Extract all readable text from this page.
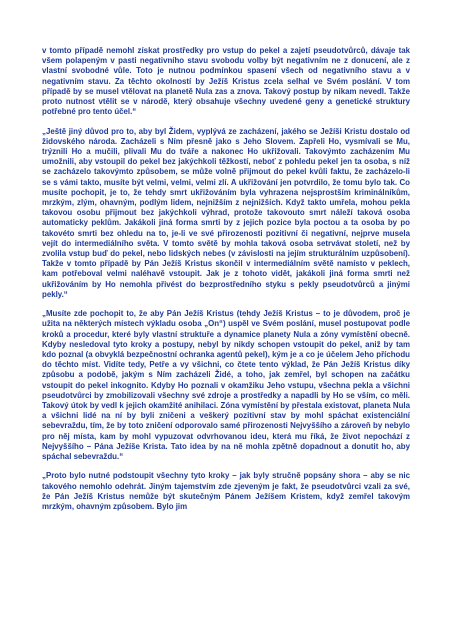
v tomto případě nemohl získat prostředky pro vstup do pekel a zajetí pseudotvůrců, dávaje tak všem polapeným v pasti negativního stavu svobodu volby být negativním ne z donucení, ale z vlastní svobodné vůle. Toto je nutnou podmínkou spasení všech od negativního stavu a v negativním stavu. Za těchto okolností by Ježíš Kristus zcela selhal ve Svém poslání. V tom případě by se musel vtělovat na planetě Nula zas a znova. Takový postup by nikam nevedl. Takže proto nutnost vtělit se v národě, který obsahuje všechny uvedené geny a genetické struktury potřebné pro tento účel.“

„Ještě jiný důvod pro to, aby byl Židem, vyplývá ze zacházení, jakého se Ježíši Kristu dostalo od židovského národa. Zacházeli s Ním přesně jako s Jeho Slovem. Zapřeli Ho, vysmívali se Mu, trýznili Ho a mučili, plivali Mu do tváře a nakonec Ho ukřižovali. Takovýmto zacházením Mu umožnili, aby vstoupil do pekel bez jakýchkoli těžkostí, neboť z pohledu pekel jen ta osoba, s níž se zacházelo takovýmto způsobem, se může volně přijmout do pekel kvůli faktu, že zacházelo-li se s vámi takto, musíte být velmi, velmi, velmi zlí. A ukřižování jen potvrdilo, že tomu bylo tak. Co musíte pochopit, je to, že tehdy smrt ukřižováním byla vyhrazena nejsprostším kriminálníkům, mrzkým, zlým, ohavným, podlým lidem, nejnižším z nejnižších. Když takto umřela, mohou pekla takovou osobu přijmout bez jakýchkoli výhrad, protože takovouto smrt náleží taková osoba automaticky peklům. Jakákoli jiná forma smrti by z jejich pozice byla poctou a ta osoba by po takovéto smrti bez ohledu na to, je-li ve své přirozenosti pozitivní či negativní, nejprve musela vejít do intermediálního světa. V tomto světě by mohla taková osoba setrvávat století, než by zvolila vstup buď do pekel, nebo lidských nebes (v závislosti na jejím strukturálním uzpůsobení). Takže v tomto případě by Pán Ježíš Kristus skončil v intermediálním světě namísto v peklech, kam potřeboval velmi naléhavě vstoupit. Jak je z tohoto vidět, jakákoli jiná forma smrti než ukřižováním by Ho nemohla přivést do bezprostředního styku s pekly pseudotvůrců a jinými pekly.“

„Musíte zde pochopit to, že aby Pán Ježíš Kristus (tehdy Ježíš Kristus – to je důvodem, proč je užita na některých místech výkladu osoba „On“) uspěl ve Svém poslání, musel postupovat podle kroků a procedur, které byly vlastní struktuře a dynamice planety Nula a zóny vymístění obecně. Kdyby nesledoval tyto kroky a postupy, nebyl by nikdy schopen vstoupit do pekel, aniž by tam kdo poznal (a obvyklá bezpečnostní ochranka agentů pekel), kým je a co je účelem Jeho příchodu do těchto míst. Vidíte tedy, Petře a vy všichni, co čtete tento výklad, že Pán Ježíš Kristus díky způsobu a podobě, jakým s Ním zacházeli Židé, a toho, jak zemřel, byl schopen na začátku vstoupit do pekel inkognito. Kdyby Ho poznali v okamžiku Jeho vstupu, všechna pekla a všichni pseudotvůrci by zmobilizovali všechny své zdroje a prostředky a napadli by Ho se vším, co měli. Takový útok by vedl k jejich okamžité anihilaci. Zóna vymístění by přestala existovat, planeta Nula a všichni lidé na ní by byli zničeni a veškerý pozitivní stav by mohl spáchat existenciální sebevraždu, tím, že by toto zničení odporovalo samé přirozenosti Nejvyššího a zároveň by nebylo pro něj místa, kam by mohl vypuzovat odvrhovanou ideu, která mu říká, že život nepochází z Nejvyššího – Pána Ježíše Krista. Tato idea by na ně mohla zpětně dopadnout a donutit ho, aby spáchal sebevraždu.“

„Proto bylo nutné podstoupit všechny tyto kroky – jak byly stručně popsány shora – aby se nic takového nemohlo odehrát. Jiným tajemstvím zde zjeveným je fakt, že pseudotvůrci vzali za své, že Pán Ježíš Kristus nemůže být skutečným Pánem Ježíšem Kristem, když zemřel takovým mrzkým, ohavným způsobem. Bylo jim
